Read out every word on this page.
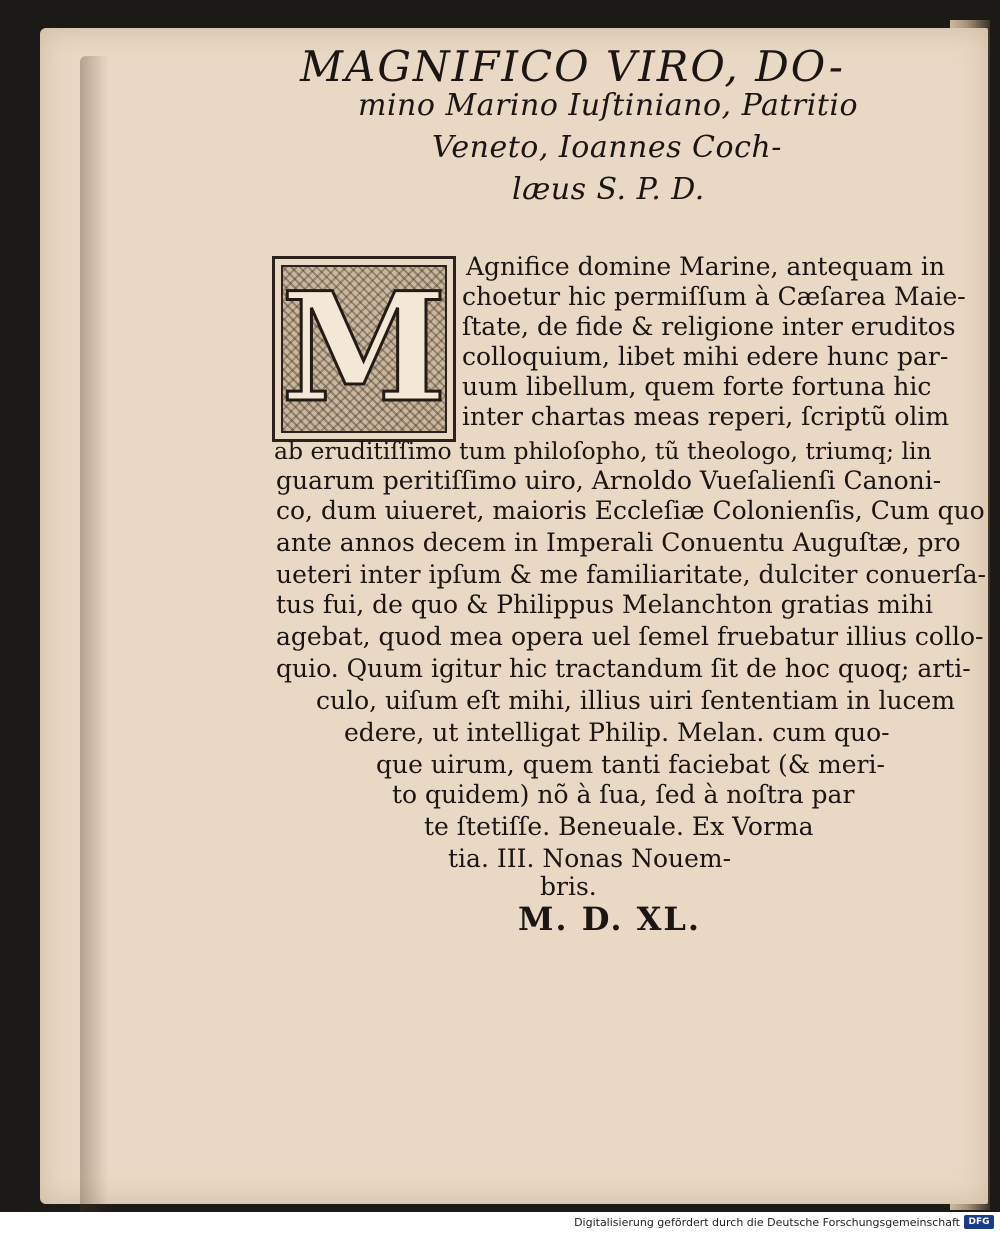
MΑGNIFICO VIRO, DO-
mino Marino Iuſtiniano, Patritio
Veneto, Ioannes Coch-
læus S. P. D.
M Agnifice domine Marine, antequam in
choetur hic permiſſum à Cæſarea Maie-
ſtate, de fide & religione inter eruditos
colloquium, libet mihi edere hunc par-
uum libellum, quem forte fortuna hic
inter chartas meas reperi, ſcriptũ olim
ab eruditiſſimo tum philoſopho, tũ theologo, triumq; lin
guarum peritiſſimo uiro, Arnoldo Vueſalienſi Canoni-
co, dum uiueret, maioris Eccleſiæ Colonienſis, Cum quo
ante annos decem in Imperali Conuentu Auguſtæ, pro
ueteri inter ipſum & me familiaritate, dulciter conuerſa-
tus fui, de quo & Philippus Melanchton gratias mihi
agebat, quod mea opera uel ſemel fruebatur illius collo-
quio. Quum igitur hic tractandum ſit de hoc quoq; arti-
culo, uiſum eſt mihi, illius uiri ſententiam in lucem
edere, ut intelligat Philip. Melan. cum quo-
que uirum, quem tanti faciebat (& meri-
to quidem) nõ à ſua, ſed à noſtra par
te ſtetiſſe. Beneuale. Ex Vorma
tia. III. Nonas Nouem-
bris.
M. D. XL.
Digitalisierung gefördert durch die Deutsche Forschungsgemeinschaft DFG
